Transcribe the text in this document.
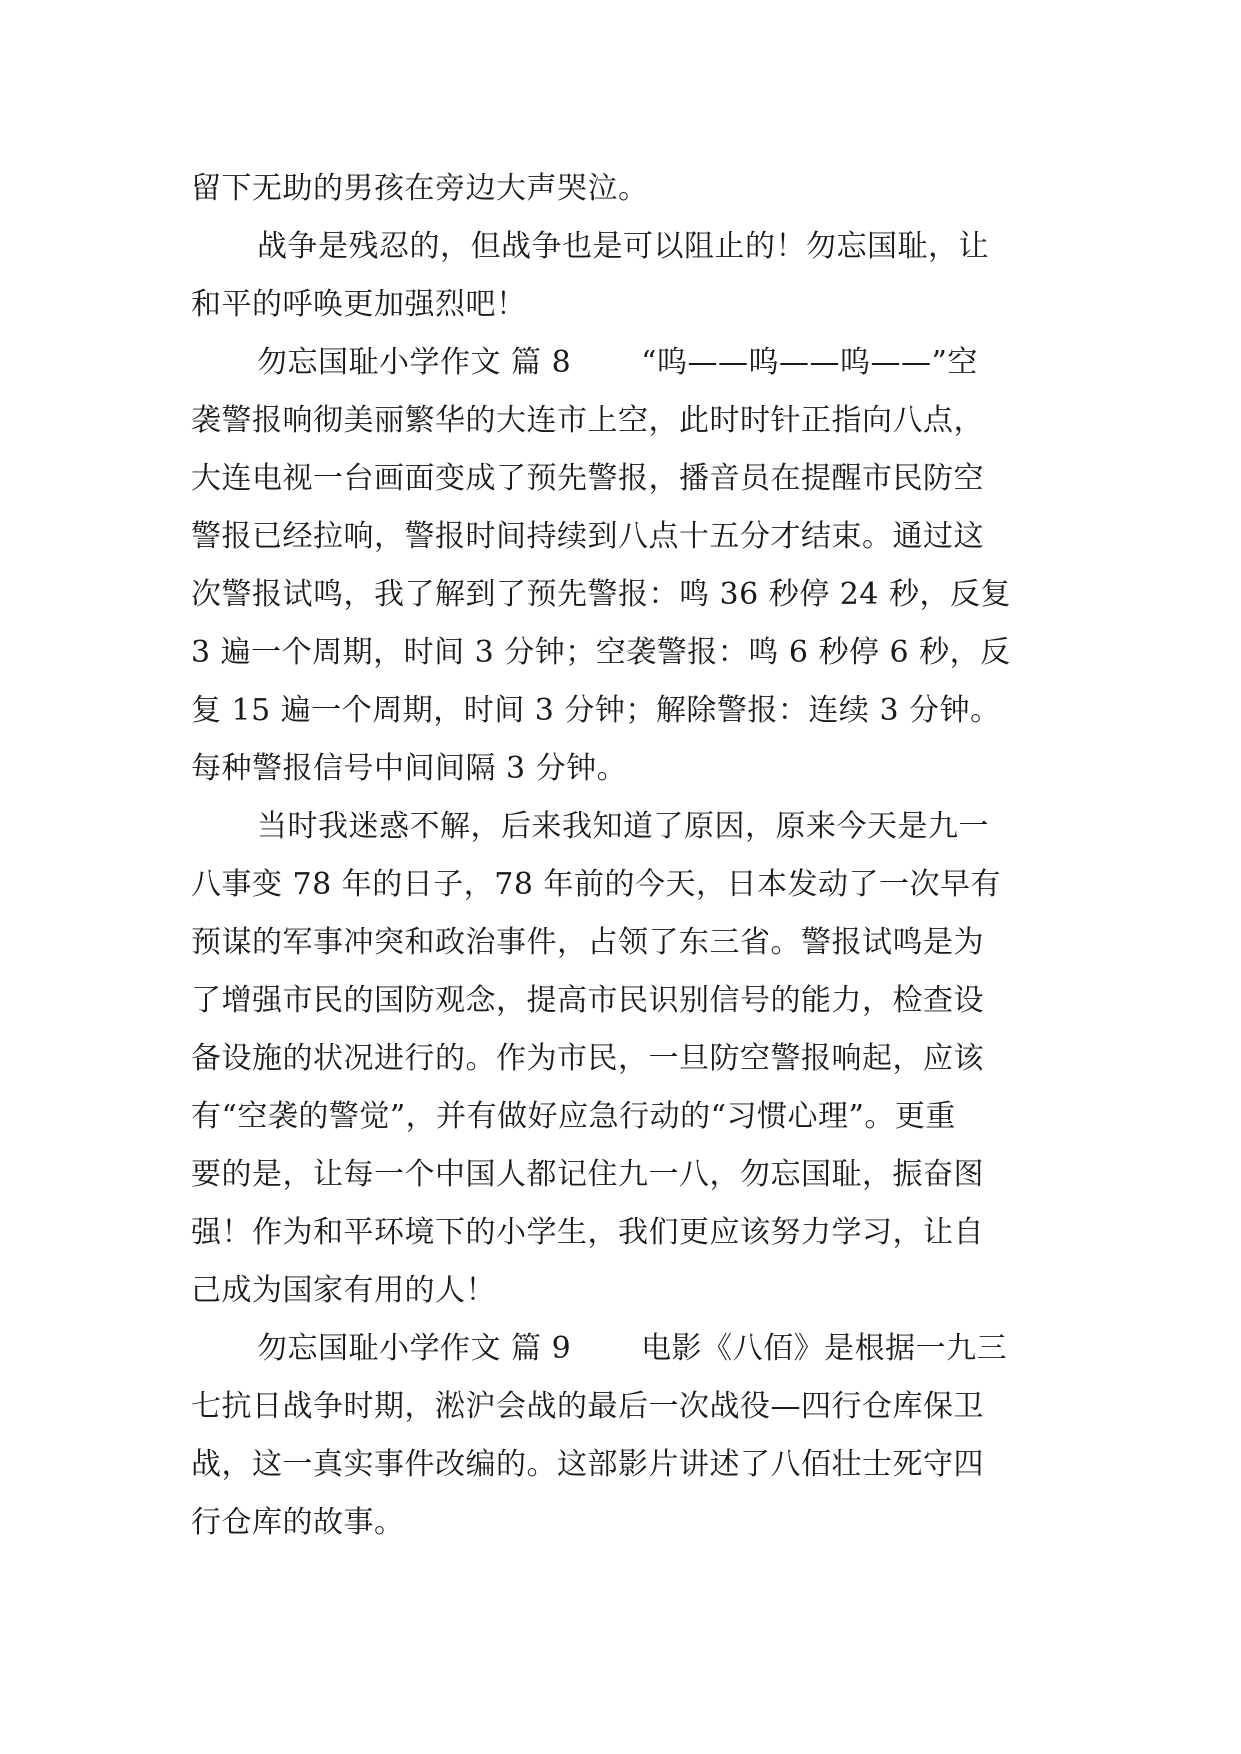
留下无助的男孩在旁边大声哭泣。
战争是残忍的，但战争也是可以阻止的！勿忘国耻，让
和平的呼唤更加强烈吧！
勿忘国耻小学作文 篇 8 “呜——呜——呜——”空
袭警报响彻美丽繁华的大连市上空，此时时针正指向八点，
大连电视一台画面变成了预先警报，播音员在提醒市民防空
警报已经拉响，警报时间持续到八点十五分才结束。通过这
次警报试鸣，我了解到了预先警报：鸣 36 秒停 24 秒，反复
3 遍一个周期，时间 3 分钟；空袭警报：鸣 6 秒停 6 秒，反
复 15 遍一个周期，时间 3 分钟；解除警报：连续 3 分钟。
每种警报信号中间间隔 3 分钟。
当时我迷惑不解，后来我知道了原因，原来今天是九一
八事变 78 年的日子，78 年前的今天，日本发动了一次早有
预谋的军事冲突和政治事件，占领了东三省。警报试鸣是为
了增强市民的国防观念，提高市民识别信号的能力，检查设
备设施的状况进行的。作为市民，一旦防空警报响起，应该
有“空袭的警觉”，并有做好应急行动的“习惯心理”。更重
要的是，让每一个中国人都记住九一八，勿忘国耻，振奋图
强！作为和平环境下的小学生，我们更应该努力学习，让自
己成为国家有用的人！
勿忘国耻小学作文 篇 9 电影《八佰》是根据一九三
七抗日战争时期，淞沪会战的最后一次战役—四行仓库保卫
战，这一真实事件改编的。这部影片讲述了八佰壮士死守四
行仓库的故事。
